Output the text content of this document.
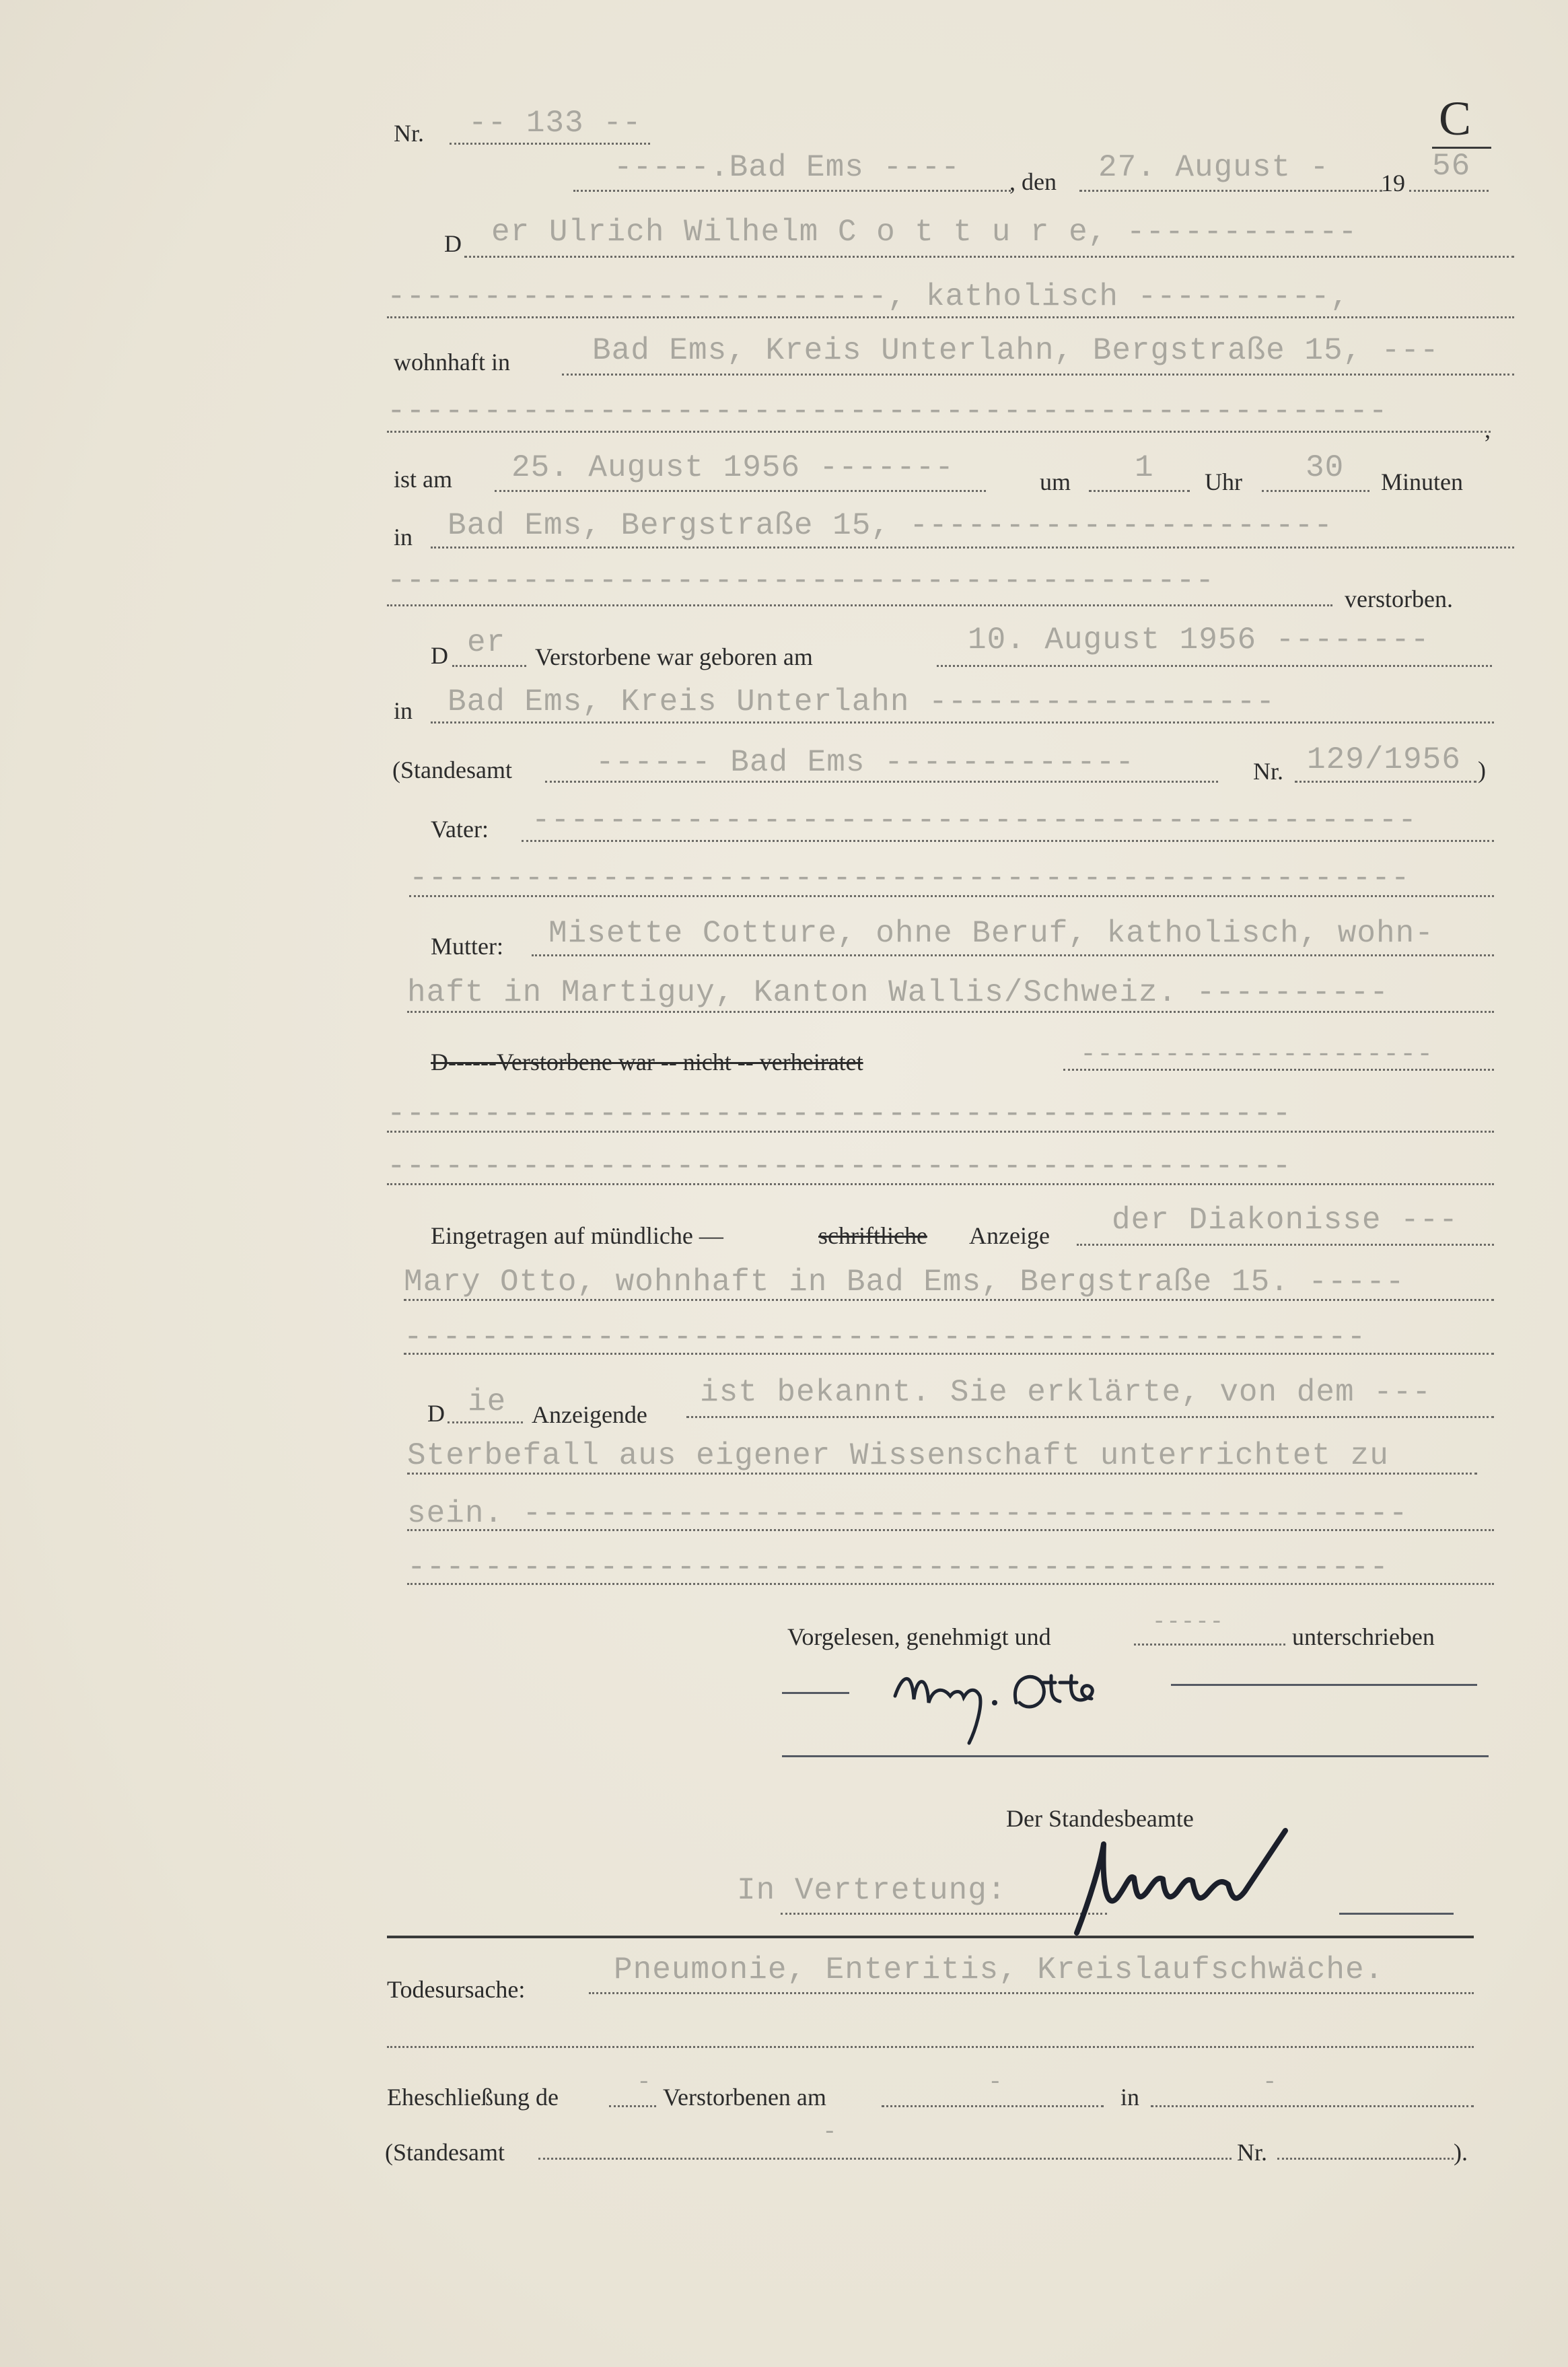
C
Nr. -- 133 --
-----.Bad Ems ---- , den 27. August - 19 56
D er Ulrich Wilhelm C o t t u r e, ------------
--------------------------, katholisch ----------,
wohnhaft in	Bad Ems, Kreis Unterlahn, Bergstraße 15, ---
----------------------------------------------------
,
ist am 25. August 1956 -------	um 1 Uhr 30 Minuten
in Bad Ems, Bergstraße 15, ----------------------
-------------------------------------------
verstorben.
D er Verstorbene war geboren am	10. August 1956 --------
in Bad Ems, Kreis Unterlahn ------------------
(Standesamt	------ Bad Ems -------------	Nr. 129/1956 )
Vater: ----------------------------------------------
----------------------------------------------------
Mutter: Misette Cotture, ohne Beruf, katholisch, wohn-
haft in Martiguy, Kanton Wallis/Schweiz. ----------
D------Verstorbene war -- nicht -- verheiratet	---------------------
-----------------------------------------------
-----------------------------------------------
Eingetragen auf mündliche —	schriftliche Anzeige der Diakonisse ---
Mary Otto, wohnhaft in Bad Ems, Bergstraße 15. -----
--------------------------------------------------
D ie Anzeigende
ist bekannt. Sie erklärte, von dem ---
Sterbefall aus eigener Wissenschaft unterrichtet zu
sein. ----------------------------------------------
---------------------------------------------------
Vorgelesen, genehmigt und
-----
unterschrieben
Der Standesbeamte
In Vertretung:
Todesursache:
Pneumonie, Enteritis, Kreislaufschwäche.
Eheschließung de
-
Verstorbenen am
-
in
-
(Standesamt
-
Nr.	).
